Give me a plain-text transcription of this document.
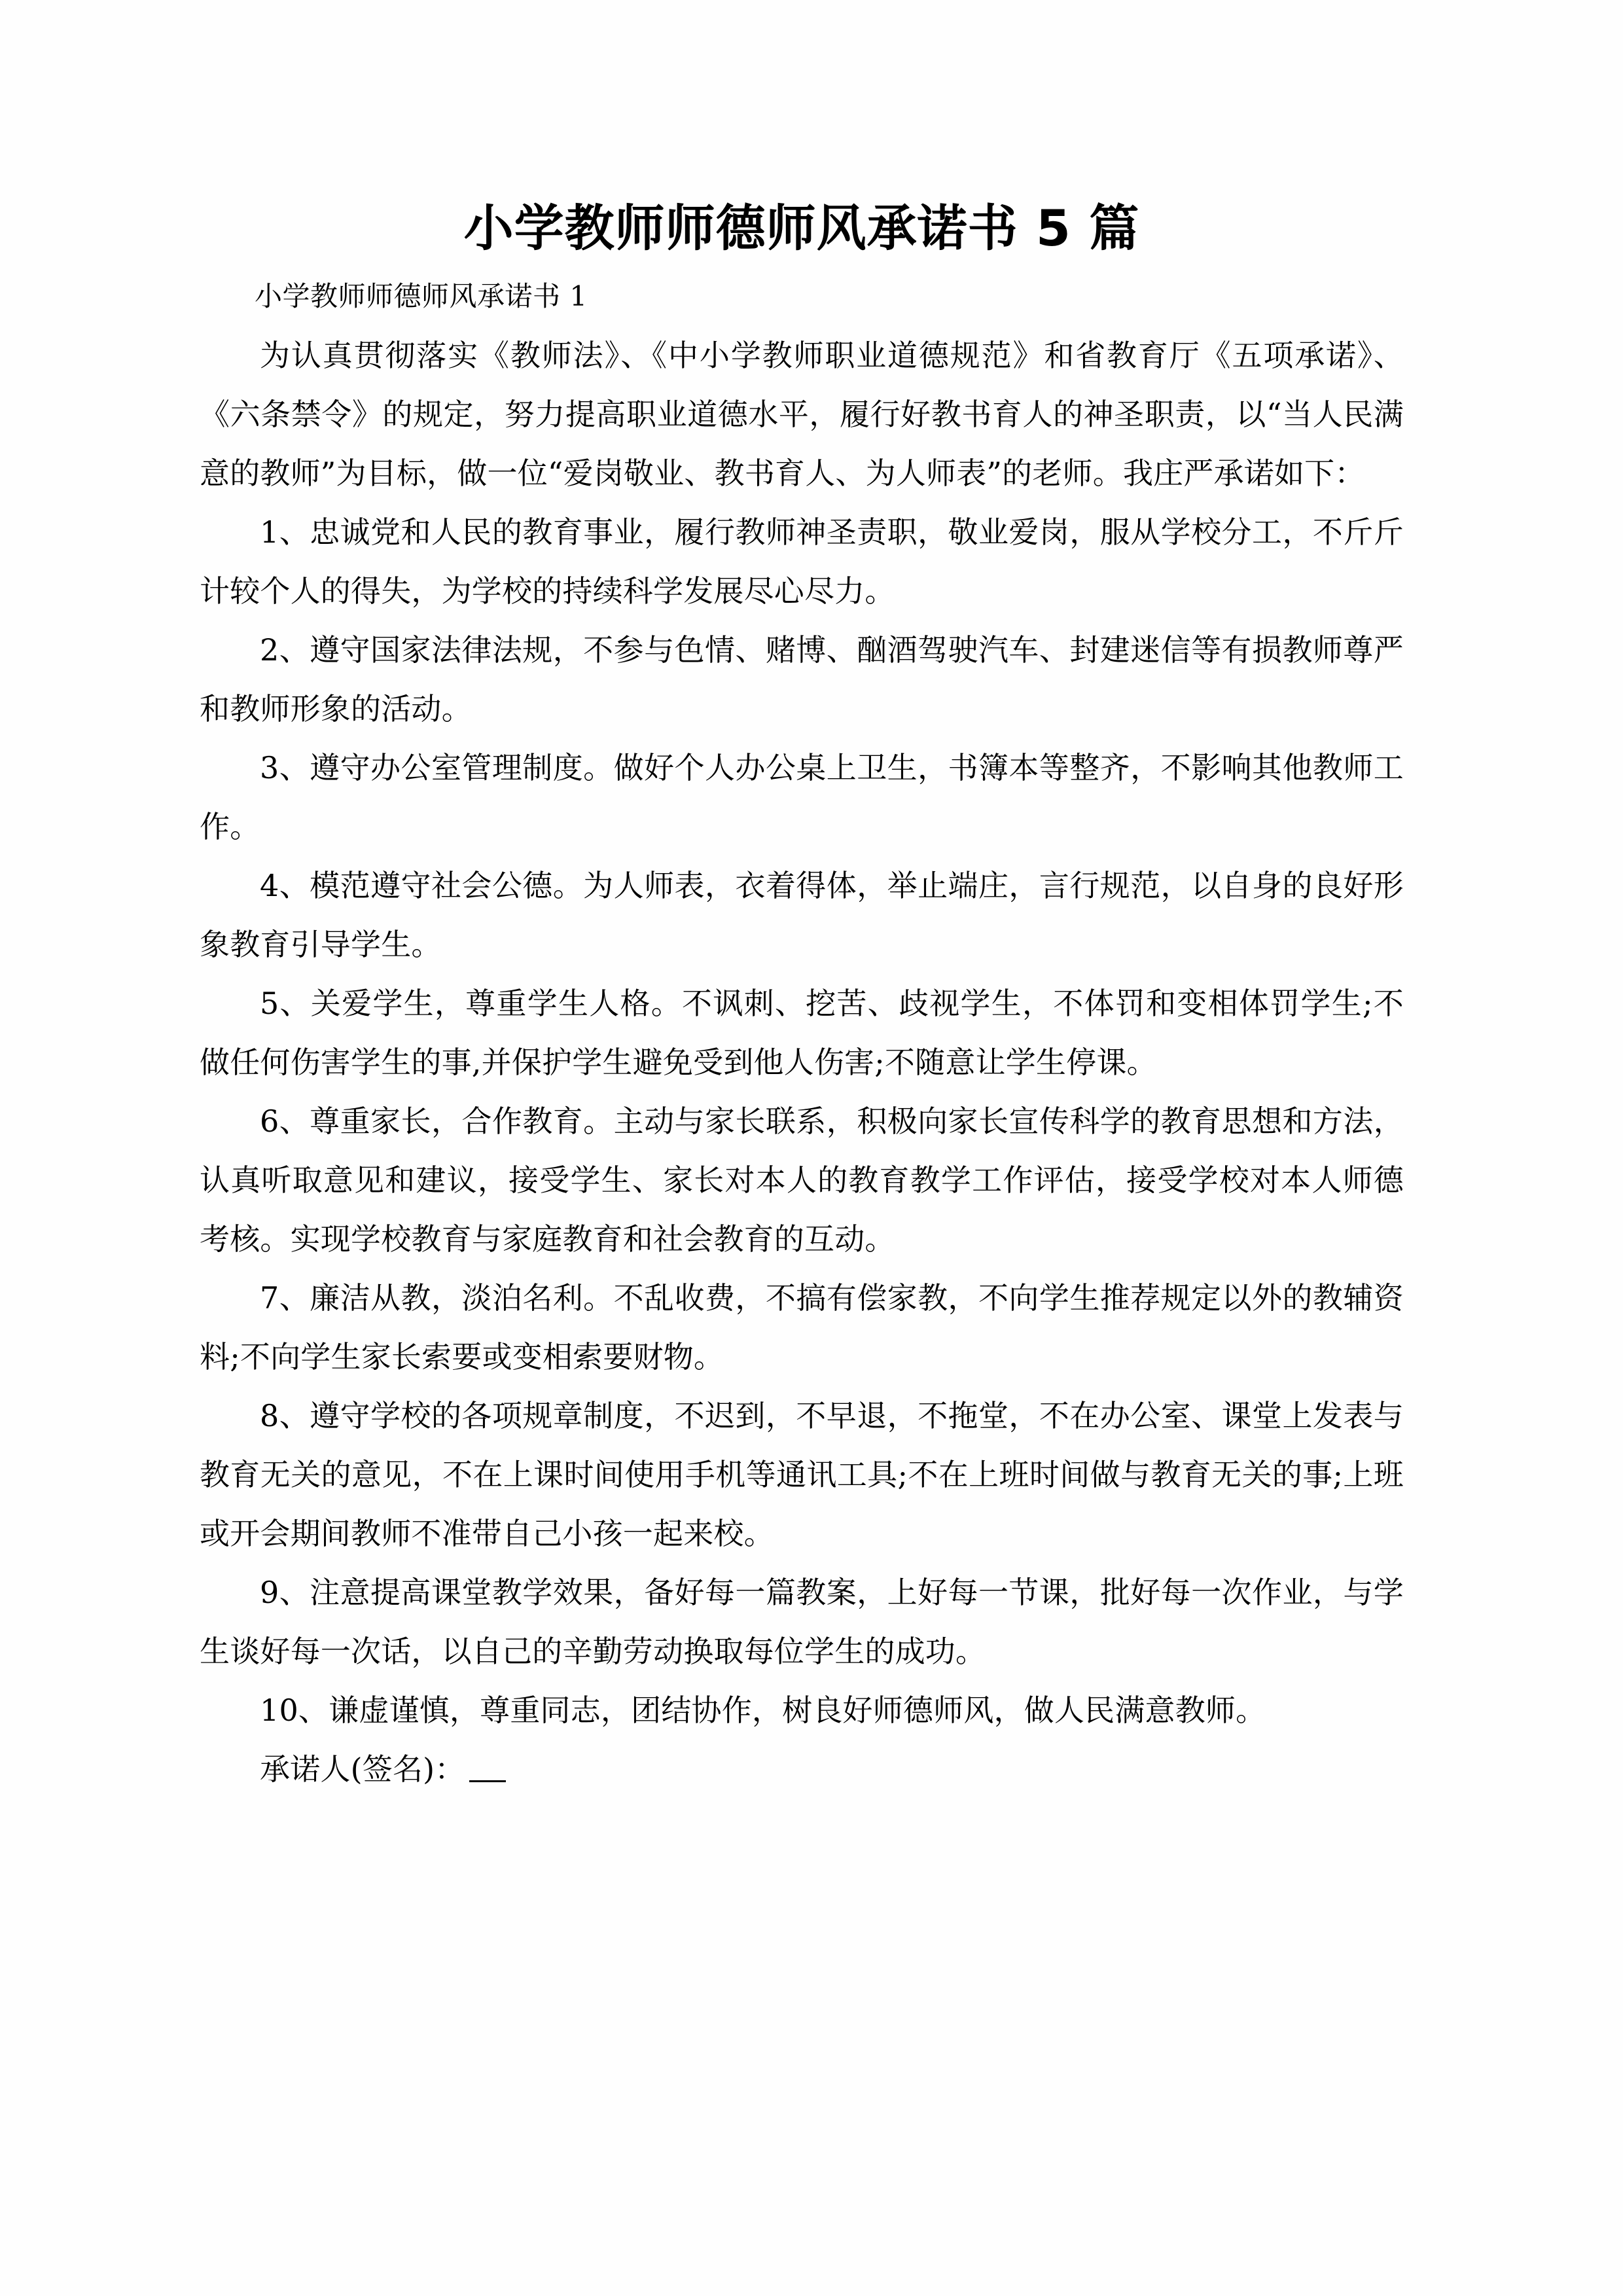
小学教师师德师风承诺书 5 篇
小学教师师德师风承诺书 1

为认真贯彻落实《教师法》、《中小学教师职业道德规范》和省教育厅《五项承诺》、《六条禁令》的规定，努力提高职业道德水平，履行好教书育人的神圣职责，以“当人民满意的教师”为目标，做一位“爱岗敬业、教书育人、为人师表”的老师。我庄严承诺如下：

1、忠诚党和人民的教育事业，履行教师神圣责职，敬业爱岗，服从学校分工，不斤斤计较个人的得失，为学校的持续科学发展尽心尽力。

2、遵守国家法律法规，不参与色情、赌博、酗酒驾驶汽车、封建迷信等有损教师尊严和教师形象的活动。

3、遵守办公室管理制度。做好个人办公桌上卫生，书簿本等整齐，不影响其他教师工作。

4、模范遵守社会公德。为人师表，衣着得体，举止端庄，言行规范，以自身的良好形象教育引导学生。

5、关爱学生，尊重学生人格。不讽刺、挖苦、歧视学生，不体罚和变相体罚学生;不做任何伤害学生的事,并保护学生避免受到他人伤害;不随意让学生停课。

6、尊重家长，合作教育。主动与家长联系，积极向家长宣传科学的教育思想和方法，认真听取意见和建议，接受学生、家长对本人的教育教学工作评估，接受学校对本人师德考核。实现学校教育与家庭教育和社会教育的互动。

7、廉洁从教，淡泊名利。不乱收费，不搞有偿家教，不向学生推荐规定以外的教辅资料;不向学生家长索要或变相索要财物。

8、遵守学校的各项规章制度，不迟到，不早退，不拖堂，不在办公室、课堂上发表与教育无关的意见，不在上课时间使用手机等通讯工具;不在上班时间做与教育无关的事;上班或开会期间教师不准带自己小孩一起来校。

9、注意提高课堂教学效果，备好每一篇教案，上好每一节课，批好每一次作业，与学生谈好每一次话，以自己的辛勤劳动换取每位学生的成功。

10、谦虚谨慎，尊重同志，团结协作，树良好师德师风，做人民满意教师。

承诺人(签名)：
